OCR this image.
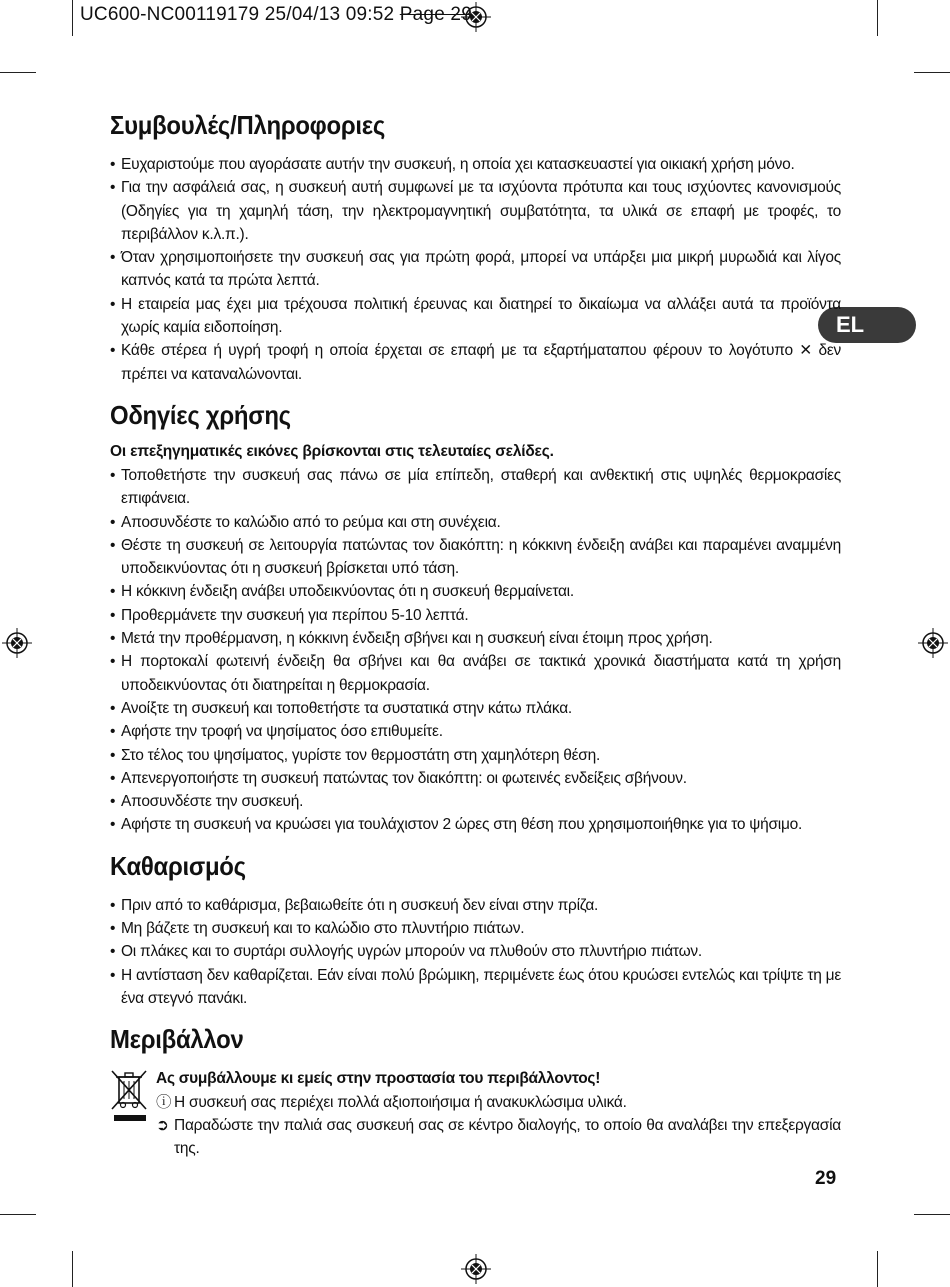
UC600-NC00119179 25/04/13 09:52 Page 29
EL
Συμβουλές/Πληροφοριες
• Ευχαριστούμε που αγοράσατε αυτήν την συσκευή, η οποία χει κατασκευαστεί για οικιακή χρήση μόνο.
• Για την ασφάλειά σας, η συσκευή αυτή συμφωνεί με τα ισχύοντα πρότυπα και τους ισχύοντες κανονισμούς (Οδηγίες για τη χαμηλή τάση, την ηλεκτρομαγνητική συμβατότητα, τα υλικά σε επαφή με τροφές, το περιβάλλον κ.λ.π.).
• Όταν χρησιμοποιήσετε την συσκευή σας για πρώτη φορά, μπορεί να υπάρξει μια μικρή μυρωδιά και λίγος καπνός κατά τα πρώτα λεπτά.
• Η εταιρεία μας έχει μια τρέχουσα πολιτική έρευνας και διατηρεί το δικαίωμα να αλλάξει αυτά τα προϊόντα χωρίς καμία ειδοποίηση.
• Κάθε στέρεα ή υγρή τροφή η οποία έρχεται σε επαφή με τα εξαρτήματαπου φέρουν το λογότυπο ✕ δεν πρέπει να καταναλώνονται.
Οδηγίες χρήσης

Οι επεξηγηματικές εικόνες βρίσκονται στις τελευταίες σελίδες.

• Τοποθετήστε την συσκευή σας πάνω σε μία επίπεδη, σταθερή και ανθεκτική στις υψηλές θερμοκρασίες επιφάνεια.
• Αποσυνδέστε το καλώδιο από το ρεύμα και στη συνέχεια.
• Θέστε τη συσκευή σε λειτουργία πατώντας τον διακόπτη: η κόκκινη ένδειξη ανάβει και παραμένει αναμμένη υποδεικνύοντας ότι η συσκευή βρίσκεται υπό τάση.
• Η κόκκινη ένδειξη ανάβει υποδεικνύοντας ότι η συσκευή θερμαίνεται.
• Προθερμάνετε την συσκευή για περίπου 5-10 λεπτά.
• Μετά την προθέρμανση, η κόκκινη ένδειξη σβήνει και η συσκευή είναι έτοιμη προς χρήση.
• Η πορτοκαλί φωτεινή ένδειξη θα σβήνει και θα ανάβει σε τακτικά χρονικά διαστήματα κατά τη χρήση υποδεικνύοντας ότι διατηρείται η θερμοκρασία.
• Ανοίξτε τη συσκευή και τοποθετήστε τα συστατικά στην κάτω πλάκα.
• Αφήστε την τροφή να ψησίματος όσο επιθυμείτε.
• Στο τέλος του ψησίματος, γυρίστε τον θερμοστάτη στη χαμηλότερη θέση.
• Απενεργοποιήστε τη συσκευή πατώντας τον διακόπτη: οι φωτεινές ενδείξεις σβήνουν.
• Αποσυνδέστε την συσκευή.
• Αφήστε τη συσκευή να κρυώσει για τουλάχιστον 2 ώρες στη θέση που χρησιμοποιήθηκε για το ψήσιμο.
Καθαρισμός
• Πριν από το καθάρισμα, βεβαιωθείτε ότι η συσκευή δεν είναι στην πρίζα.
• Μη βάζετε τη συσκευή και το καλώδιο στο πλυντήριο πιάτων.
• Οι πλάκες και το συρτάρι συλλογής υγρών μπορούν να πλυθούν στο πλυντήριο πιάτων.
• Η αντίσταση δεν καθαρίζεται. Εάν είναι πολύ βρώμικη, περιμένετε έως ότου κρυώσει εντελώς και τρίψτε τη με ένα στεγνό πανάκι.
Μεριβάλλον
Ας συμβάλλουμε κι εμείς στην προστασία του περιβάλλοντος!
ⓘ Η συσκευή σας περιέχει πολλά αξιοποιήσιμα ή ανακυκλώσιμα υλικά.
➲ Παραδώστε την παλιά σας συσκευή σας σε κέντρο διαλογής, το οποίο θα αναλάβει την επεξεργασία της.
29
